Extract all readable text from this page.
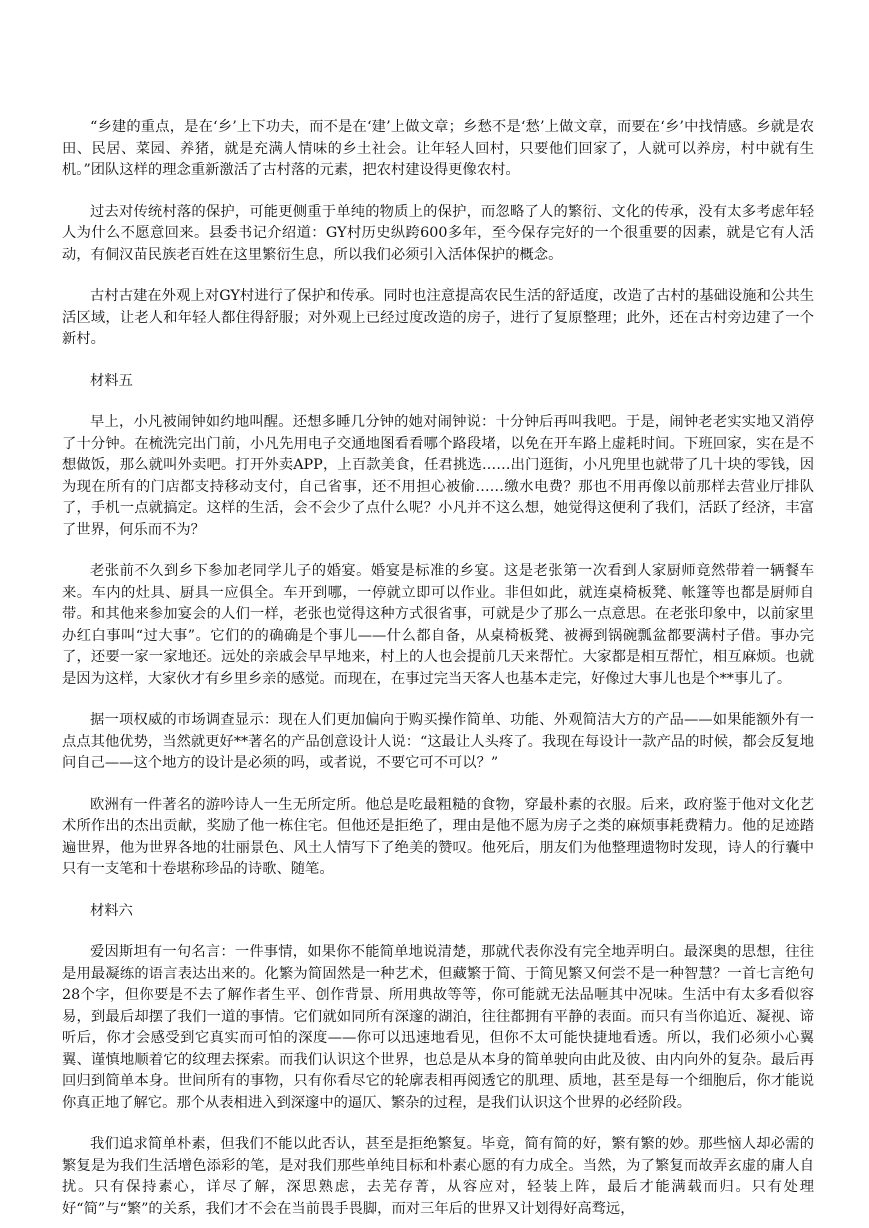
“乡建的重点，是在‘乡’上下功夫，而不是在‘建’上做文章；乡愁不是‘愁’上做文章，而要在‘乡’中找情感。乡就是农田、民居、菜园、养猪，就是充满人情味的乡土社会。让年轻人回村，只要他们回家了，人就可以养房，村中就有生机。”团队这样的理念重新激活了古村落的元素，把农村建设得更像农村。

过去对传统村落的保护，可能更侧重于单纯的物质上的保护，而忽略了人的繁衍、文化的传承，没有太多考虑年轻人为什么不愿意回来。县委书记介绍道：GY村历史纵跨600多年，至今保存完好的一个很重要的因素，就是它有人活动，有侗汉苗民族老百姓在这里繁衍生息，所以我们必须引入活体保护的概念。

古村古建在外观上对GY村进行了保护和传承。同时也注意提高农民生活的舒适度，改造了古村的基础设施和公共生活区域，让老人和年轻人都住得舒服；对外观上已经过度改造的房子，进行了复原整理；此外，还在古村旁边建了一个新村。

材料五

早上，小凡被闹钟如约地叫醒。还想多睡几分钟的她对闹钟说：十分钟后再叫我吧。于是，闹钟老老实实地又消停了十分钟。在梳洗完出门前，小凡先用电子交通地图看看哪个路段堵，以免在开车路上虚耗时间。下班回家，实在是不想做饭，那么就叫外卖吧。打开外卖APP，上百款美食，任君挑选……出门逛街，小凡兜里也就带了几十块的零钱，因为现在所有的门店都支持移动支付，自己省事，还不用担心被偷……缴水电费？那也不用再像以前那样去营业厅排队了，手机一点就搞定。这样的生活，会不会少了点什么呢？小凡并不这么想，她觉得这便利了我们，活跃了经济，丰富了世界，何乐而不为？

老张前不久到乡下参加老同学儿子的婚宴。婚宴是标准的乡宴。这是老张第一次看到人家厨师竟然带着一辆餐车来。车内的灶具、厨具一应俱全。车开到哪，一停就立即可以作业。非但如此，就连桌椅板凳、帐篷等也都是厨师自带。和其他来参加宴会的人们一样，老张也觉得这种方式很省事，可就是少了那么一点意思。在老张印象中，以前家里办红白事叫“过大事”。它们的的确确是个事儿——什么都自备，从桌椅板凳、被褥到锅碗瓢盆都要满村子借。事办完了，还要一家一家地还。远处的亲戚会早早地来，村上的人也会提前几天来帮忙。大家都是相互帮忙，相互麻烦。也就是因为这样，大家伙才有乡里乡亲的感觉。而现在，在事过完当天客人也基本走完，好像过大事儿也是个**事儿了。

据一项权威的市场调查显示：现在人们更加偏向于购买操作简单、功能、外观简洁大方的产品——如果能额外有一点点其他优势，当然就更好**著名的产品创意设计人说：“这最让人头疼了。我现在每设计一款产品的时候，都会反复地问自己——这个地方的设计是必须的吗，或者说，不要它可不可以？”

欧洲有一件著名的游吟诗人一生无所定所。他总是吃最粗糙的食物，穿最朴素的衣服。后来，政府鉴于他对文化艺术所作出的杰出贡献，奖励了他一栋住宅。但他还是拒绝了，理由是他不愿为房子之类的麻烦事耗费精力。他的足迹踏遍世界，他为世界各地的壮丽景色、风土人情写下了绝美的赞叹。他死后，朋友们为他整理遗物时发现，诗人的行囊中只有一支笔和十卷堪称珍品的诗歌、随笔。

材料六

爱因斯坦有一句名言：一件事情，如果你不能简单地说清楚，那就代表你没有完全地弄明白。最深奥的思想，往往是用最凝练的语言表达出来的。化繁为简固然是一种艺术，但藏繁于简、于简见繁又何尝不是一种智慧？一首七言绝句28个字，但你要是不去了解作者生平、创作背景、所用典故等等，你可能就无法品咂其中况味。生活中有太多看似容易，到最后却摆了我们一道的事情。它们就如同所有深邃的湖泊，往往都拥有平静的表面。而只有当你追近、凝视、谛听后，你才会感受到它真实而可怕的深度——你可以迅速地看见，但你不太可能快捷地看透。所以，我们必须小心翼翼、谨慎地顺着它的纹理去探索。而我们认识这个世界，也总是从本身的简单驶向由此及彼、由内向外的复杂。最后再回归到简单本身。世间所有的事物，只有你看尽它的轮廓表相再阅透它的肌理、质地，甚至是每一个细胞后，你才能说你真正地了解它。那个从表相进入到深邃中的逼仄、繁杂的过程，是我们认识这个世界的必经阶段。

我们追求简单朴素，但我们不能以此否认，甚至是拒绝繁复。毕竟，简有简的好，繁有繁的妙。那些恼人却必需的繁复是为我们生活增色添彩的笔，是对我们那些单纯目标和朴素心愿的有力成全。当然，为了繁复而故弄玄虚的庸人自扰。只有保持素心，详尽了解，深思熟虑，去芜存菁，从容应对，轻装上阵，最后才能满载而归。只有处理好“简”与“繁”的关系，我们才不会在当前畏手畏脚，而对三年后的世界又计划得好高骛远，
